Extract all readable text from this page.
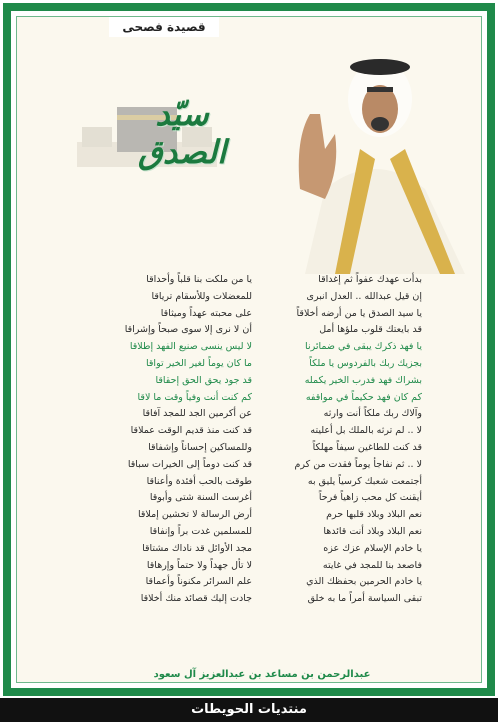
قصيدة فصحى
سيّد الصدق
بدأت عهدك عفواً ثم إغداقا
يا من ملكت بنا قلباً وأحداقا
إن قيل عبدالله .. العدل انبرى
للمعضلات وللأسقام ترياقا
يا سيد الصدق يا من أرضه أخلاقاً
على محبته عهداً وميثاقا
قد بايعتك قلوب ملؤها أمل
أن لا نرى إلا سوى صبحاً وإشراقا
يا فهد ذكرك يبقى في ضمائرنا
لا ليس ينسى صنيع الفهد إطلاقا
بجزيك ربك بالفردوس يا ملكاً
ما كان يوماً لغير الخير تواقا
بشراك فهد فدرب الخير يكمله
قد جود يحق الحق إحقاقا
كم كان فهد حكيماً في مواقفه
كم كنت أنت وفياً وقت ما لاقا
وآلاك ربك ملكاً أنت وارثه
عن أكرمين الجد للمجد آفاقا
لا .. لم ترثه بالملك بل أعليته
قد كنت منذ قديم الوقت عملاقا
قد كنت للطاغين سيفاً مهلكاً
وللمساكين إحساناً وإشفاقا
لا .. ثم نفاجأ يوماً فقدت من كرم
قد كنت دوماً إلى الخيرات سباقا
أجتمعت شعبك كرسياً يليق به
طوقت بالحب أفئدة وأعناقا
أيقنت كل محب زاهياً فرحاً
أغرست السنة شتى وأبوقا
نعم البلاد وبلاد قلبها حرم
أرض الرسالة لا تخشين إملاقا
نعم البلاد وبلاد أنت قائدها
للمسلمين غدت براً وإنفاقا
يا خادم الإسلام عزك عزه
مجد الأوائل قد ناداك مشتاقا
فاصعد بنا للمجد في غايته
لا تأل جهداً ولا حتماً وإرهاقا
يا خادم الحرمين بحفظك الذي
علم السرائر مكنوناً وأعماقا
تبقى السياسة أمراً ما به خلق
جادت إليك قصائد منك أخلاقا
عبدالرحمن بن مساعد بن عبدالعزيز آل سعود
منتديات الحويطات
